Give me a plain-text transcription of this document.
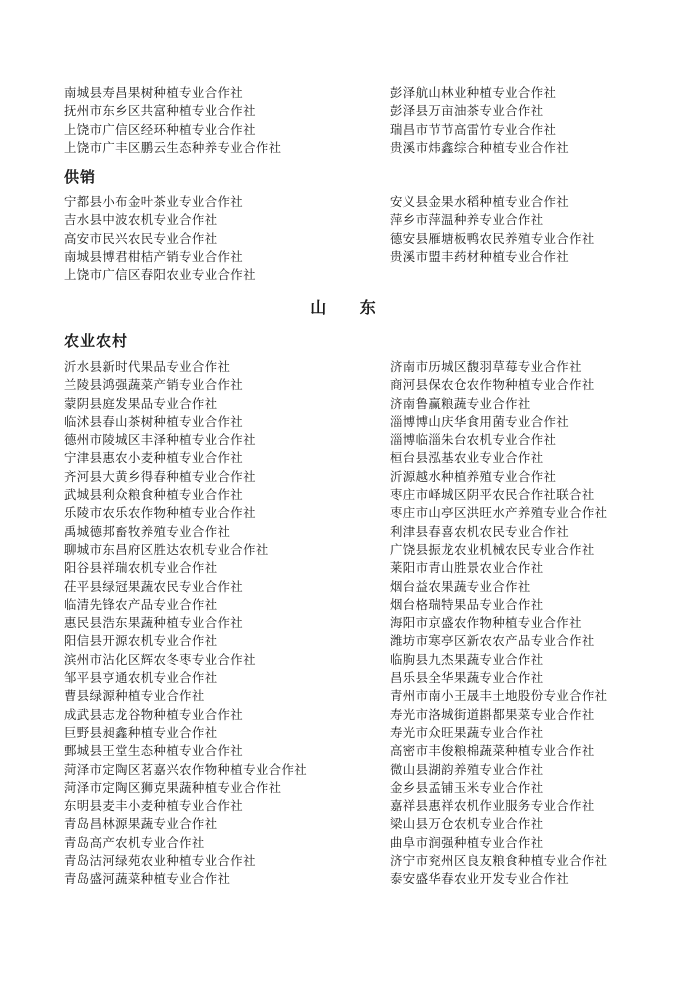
南城县寿昌果树种植专业合作社
抚州市东乡区共富种植专业合作社
上饶市广信区经环种植专业合作社
上饶市广丰区鹏云生态种养专业合作社
彭泽航山林业种植专业合作社
彭泽县万亩油茶专业合作社
瑞昌市节节高雷竹专业合作社
贵溪市炜鑫综合种植专业合作社
供销
宁都县小布金叶茶业专业合作社
吉水县中波农机专业合作社
高安市民兴农民专业合作社
南城县博君柑桔产销专业合作社
上饶市广信区春阳农业专业合作社
安义县金果水稻种植专业合作社
萍乡市萍温种养专业合作社
德安县雁塘板鸭农民养殖专业合作社
贵溪市盟丰药材种植专业合作社
山 东
农业农村
沂水县新时代果品专业合作社
兰陵县鸿强蔬菜产销专业合作社
蒙阴县庭发果品专业合作社
临沭县春山茶树种植专业合作社
德州市陵城区丰泽种植专业合作社
宁津县惠农小麦种植专业合作社
齐河县大黄乡得春种植专业合作社
武城县利众粮食种植专业合作社
乐陵市农乐农作物种植专业合作社
禹城德邦畜牧养殖专业合作社
聊城市东昌府区胜达农机专业合作社
阳谷县祥瑞农机专业合作社
茌平县绿冠果蔬农民专业合作社
临清先锋农产品专业合作社
惠民县浩东果蔬种植专业合作社
阳信县开源农机专业合作社
滨州市沾化区辉农冬枣专业合作社
邹平县亨通农机专业合作社
曹县绿源种植专业合作社
成武县志龙谷物种植专业合作社
巨野县昶鑫种植专业合作社
鄄城县王堂生态种植专业合作社
菏泽市定陶区茗嘉兴农作物种植专业合作社
菏泽市定陶区狮克果蔬种植专业合作社
东明县麦丰小麦种植专业合作社
青岛昌林源果蔬专业合作社
青岛高产农机专业合作社
青岛沽河绿苑农业种植专业合作社
青岛盛河蔬菜种植专业合作社
济南市历城区馥羽草莓专业合作社
商河县保农仓农作物种植专业合作社
济南鲁赢粮蔬专业合作社
淄博博山庆华食用菌专业合作社
淄博临淄朱台农机专业合作社
桓台县泓基农业专业合作社
沂源越水种植养殖专业合作社
枣庄市峄城区阴平农民合作社联合社
枣庄市山亭区洪旺水产养殖专业合作社
利津县春喜农机农民专业合作社
广饶县振龙农业机械农民专业合作社
莱阳市青山胜景农业合作社
烟台益农果蔬专业合作社
烟台格瑞特果品专业合作社
海阳市京盛农作物种植专业合作社
潍坊市寒亭区新农农产品专业合作社
临朐县九杰果蔬专业合作社
昌乐县全华果蔬专业合作社
青州市南小王晟丰土地股份专业合作社
寿光市洛城街道斟都果菜专业合作社
寿光市众旺果蔬专业合作社
高密市丰俊粮棉蔬菜种植专业合作社
微山县湖韵养殖专业合作社
金乡县孟铺玉米专业合作社
嘉祥县惠祥农机作业服务专业合作社
梁山县万仓农机专业合作社
曲阜市润强种植专业合作社
济宁市兖州区良友粮食种植专业合作社
泰安盛华春农业开发专业合作社
